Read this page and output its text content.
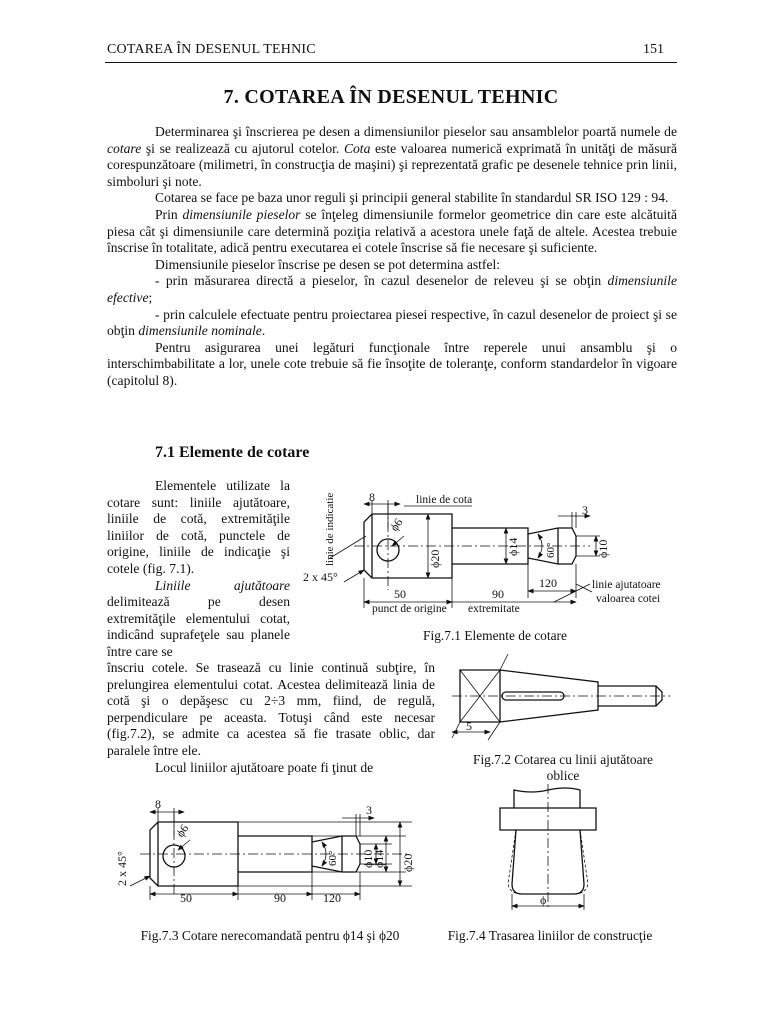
COTAREA ÎN DESENUL TEHNIC	151
7. COTAREA ÎN DESENUL TEHNIC

Determinarea şi înscrierea pe desen a dimensiunilor pieselor sau ansamblelor poartă numele de cotare şi se realizează cu ajutorul cotelor. Cota este valoarea numerică exprimată în unităţi de măsură corespunzătoare (milimetri, în construcţia de maşini) şi reprezentată grafic pe desenele tehnice prin linii, simboluri şi note.

Cotarea se face pe baza unor reguli şi principii general stabilite în standardul SR ISO 129 : 94.

Prin dimensiunile pieselor se înţeleg dimensiunile formelor geometrice din care este alcătuită piesa cât şi dimensiunile care determină poziţia relativă a acestora unele faţă de altele. Acestea trebuie înscrise în totalitate, adică pentru executarea ei cotele înscrise să fie necesare şi suficiente.

Dimensiunile pieselor înscrise pe desen se pot determina astfel:

- prin măsurarea directă a pieselor, în cazul desenelor de releveu şi se obţin dimensiunile efective;

- prin calculele efectuate pentru proiectarea piesei respective, în cazul desenelor de proiect şi se obţin dimensiunile nominale.

Pentru asigurarea unei legături funcţionale între reperele unui ansamblu şi o interschimbabilitate a lor, unele cote trebuie să fie însoţite de toleranţe, conform standardelor în vigoare (capitolul 8).

7.1 Elemente de cotare

Elementele utilizate la cotare sunt: liniile ajutătoare, liniile de cotă, extremităţile liniilor de cotă, punctele de origine, liniile de indicaţie şi cotele (fig. 7.1).

Liniile ajutătoare delimitează pe desen extremităţile elementului cotat, indicând suprafeţele sau planele între care se

înscriu cotele. Se trasează cu linie continuă subţire, în prelungirea elementului cotat. Acestea delimitează linia de cotă şi o depăşesc cu 2÷3 mm, fiind, de regulă, perpendiculare pe aceasta. Totuşi când este necesar (fig.7.2), se admite ca acestea să fie trasate oblic, dar paralele între ele.

Locul liniilor ajutătoare poate fi ţinut de

8
3
ϕ6
ϕ20
ϕ14 60°	ϕ10
50	90
120
2 x 45°
linie de indicatie	linie de cota
linie ajutatoare
valoarea cotei
punct de origine extremitate
Fig.7.1 Elemente de cotare
5
Fig.7.2 Cotarea cu linii ajutătoare
oblice
8	3
ϕ6
2 x 45°	60° ϕ10
ϕ14 ϕ20
50	90	120
Fig.7.3 Cotare nerecomandată pentru ϕ14 şi ϕ20
ϕ
Fig.7.4 Trasarea liniilor de construcţie
